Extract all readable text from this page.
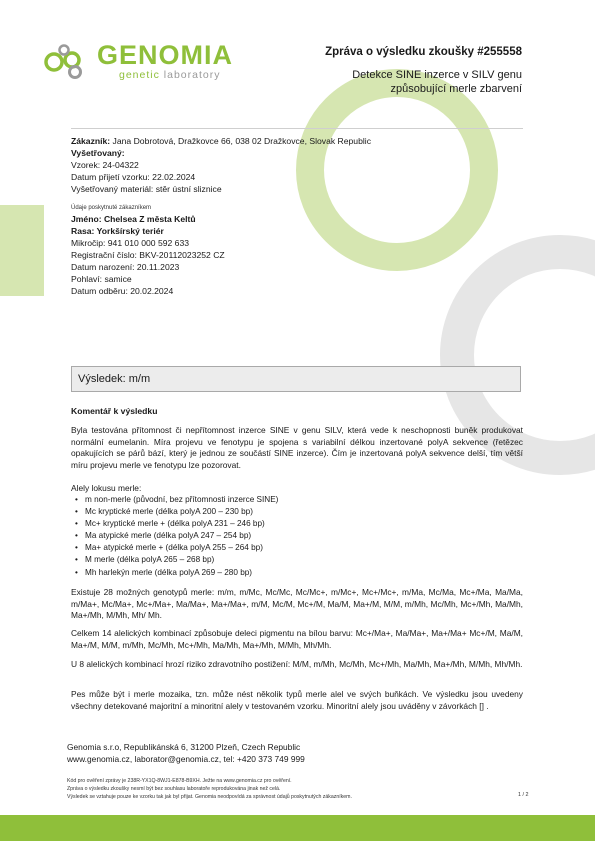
GENOMIA
genetic laboratory
Zpráva o výsledku zkoušky #255558
Detekce SINE inzerce v SILV genu
způsobující merle zbarvení
Zákazník: Jana Dobrotová, Dražkovce 66, 038 02 Dražkovce, Slovak Republic
Vyšetřovaný:
Vzorek: 24-04322
Datum přijetí vzorku: 22.02.2024
Vyšetřovaný materiál: stěr ústní sliznice
Údaje poskytnuté zákazníkem
Jméno: Chelsea Z města Keltů
Rasa: Yorkšírský teriér
Mikročip: 941 010 000 592 633
Registrační číslo: BKV-20112023252 CZ
Datum narození: 20.11.2023
Pohlaví: samice
Datum odběru: 20.02.2024
Výsledek: m/m
Komentář k výsledku
Byla testována přítomnost či nepřítomnost inzerce SINE v genu SILV, která vede k neschopnosti buněk produkovat normální eumelanin. Míra projevu ve fenotypu je spojena s variabilní délkou inzertované polyA sekvence (řetězec opakujících se párů bází, který je jednou ze součástí SINE inzerce). Čím je inzertovaná polyA sekvence delší, tím větší míru projevu merle ve fenotypu lze pozorovat.
Alely lokusu merle:
• m non-merle (původní, bez přítomnosti inzerce SINE)
• Mc kryptické merle (délka polyA 200 – 230 bp)
• Mc+ kryptické merle + (délka polyA 231 – 246 bp)
• Ma atypické merle (délka polyA 247 – 254 bp)
• Ma+ atypické merle + (délka polyA 255 – 264 bp)
• M merle (délka polyA 265 – 268 bp)
• Mh harlekýn merle (délka polyA 269 – 280 bp)
Existuje 28 možných genotypů merle: m/m, m/Mc, Mc/Mc, Mc/Mc+, m/Mc+, Mc+/Mc+, m/Ma, Mc/Ma, Mc+/Ma, Ma/Ma, m/Ma+, Mc/Ma+, Mc+/Ma+, Ma/Ma+, Ma+/Ma+, m/M, Mc/M, Mc+/M, Ma/M, Ma+/M, M/M, m/Mh, Mc/Mh, Mc+/Mh, Ma/Mh, Ma+/Mh, M/Mh, Mh/ Mh.
Celkem 14 alelických kombinací způsobuje deleci pigmentu na bílou barvu: Mc+/Ma+, Ma/Ma+, Ma+/Ma+ Mc+/M, Ma/M, Ma+/M, M/M, m/Mh, Mc/Mh, Mc+/Mh, Ma/Mh, Ma+/Mh, M/Mh, Mh/Mh.
U 8 alelických kombinací hrozí riziko zdravotního postižení: M/M, m/Mh, Mc/Mh, Mc+/Mh, Ma/Mh, Ma+/Mh, M/Mh, Mh/Mh.
Pes může být i merle mozaika, tzn. může nést několik typů merle alel ve svých buňkách. Ve výsledku jsou uvedeny všechny detekované majoritní a minoritní alely v testovaném vzorku. Minoritní alely jsou uváděny v závorkách [] .
Genomia s.r.o, Republikánská 6, 31200 Plzeň, Czech Republic
www.genomia.cz, laborator@genomia.cz, tel: +420 373 749 999
Kód pro ověření zprávy je 238R-YX1Q-8WJ1-E878-B9XH. Ježte na www.genomia.cz pro ověření.
Zpráva o výsledku zkoušky nesmí být bez souhlasu laboratoře reprodukována jinak než celá.
Výsledek se vztahuje pouze ke vzorku tak jak byl přijat. Genomia neodpovídá za správnost údajů poskytnutých zákazníkem.	1 / 2
